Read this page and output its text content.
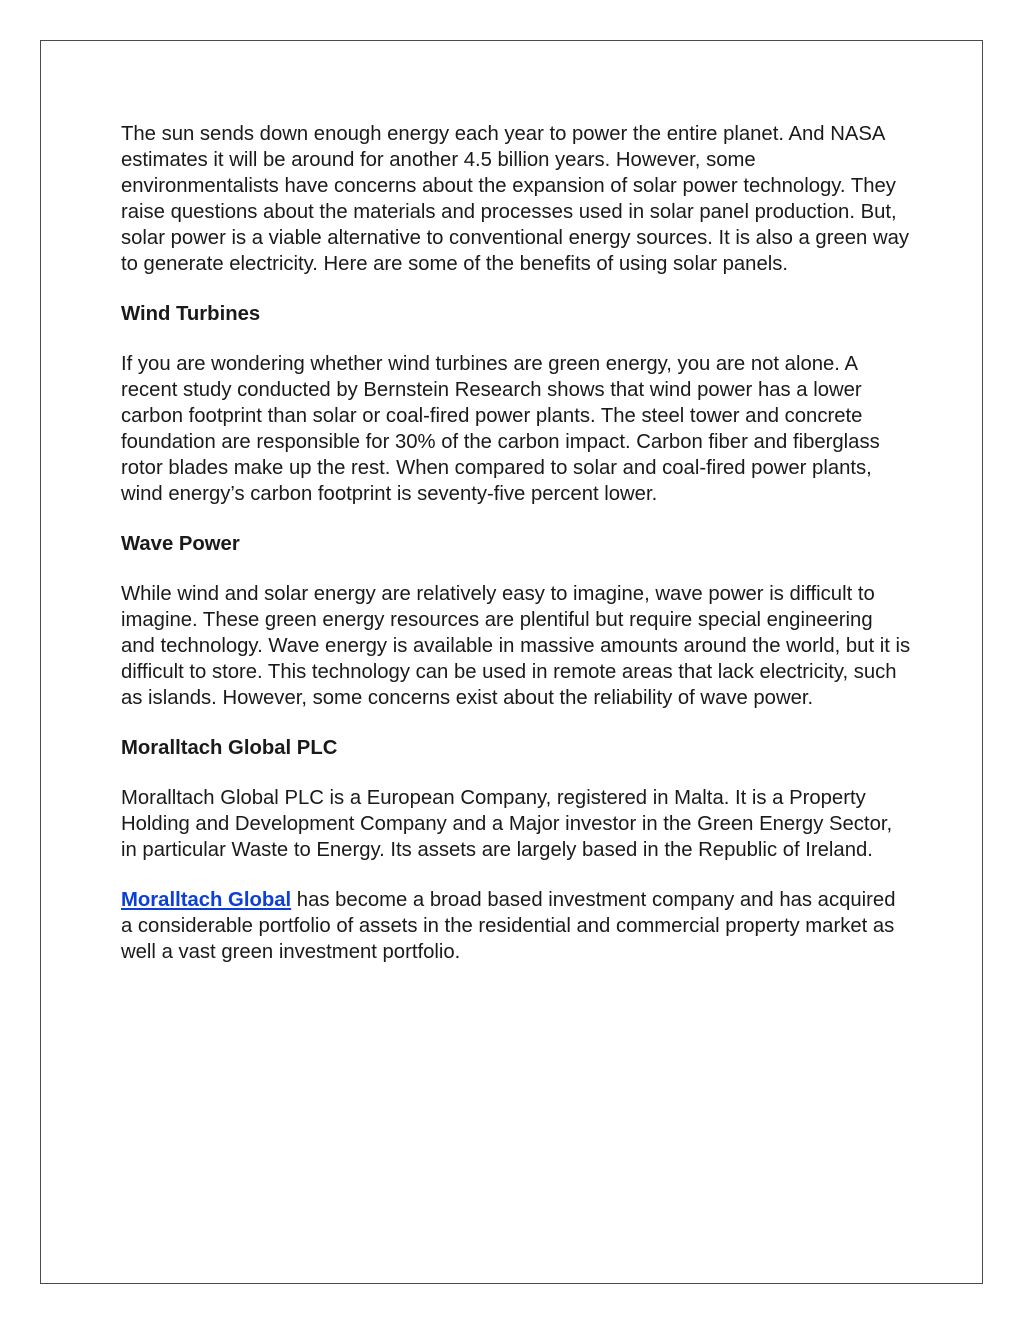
The sun sends down enough energy each year to power the entire planet. And NASA estimates it will be around for another 4.5 billion years. However, some environmentalists have concerns about the expansion of solar power technology. They raise questions about the materials and processes used in solar panel production. But, solar power is a viable alternative to conventional energy sources. It is also a green way to generate electricity. Here are some of the benefits of using solar panels.

Wind Turbines

If you are wondering whether wind turbines are green energy, you are not alone. A recent study conducted by Bernstein Research shows that wind power has a lower carbon footprint than solar or coal-fired power plants. The steel tower and concrete foundation are responsible for 30% of the carbon impact. Carbon fiber and fiberglass rotor blades make up the rest. When compared to solar and coal-fired power plants, wind energy’s carbon footprint is seventy-five percent lower.

Wave Power

While wind and solar energy are relatively easy to imagine, wave power is difficult to imagine. These green energy resources are plentiful but require special engineering and technology. Wave energy is available in massive amounts around the world, but it is difficult to store. This technology can be used in remote areas that lack electricity, such as islands. However, some concerns exist about the reliability of wave power.

Moralltach Global PLC

Moralltach Global PLC is a European Company, registered in Malta. It is a Property Holding and Development Company and a Major investor in the Green Energy Sector, in particular Waste to Energy. Its assets are largely based in the Republic of Ireland.

Moralltach Global has become a broad based investment company and has acquired a considerable portfolio of assets in the residential and commercial property market as well a vast green investment portfolio.
